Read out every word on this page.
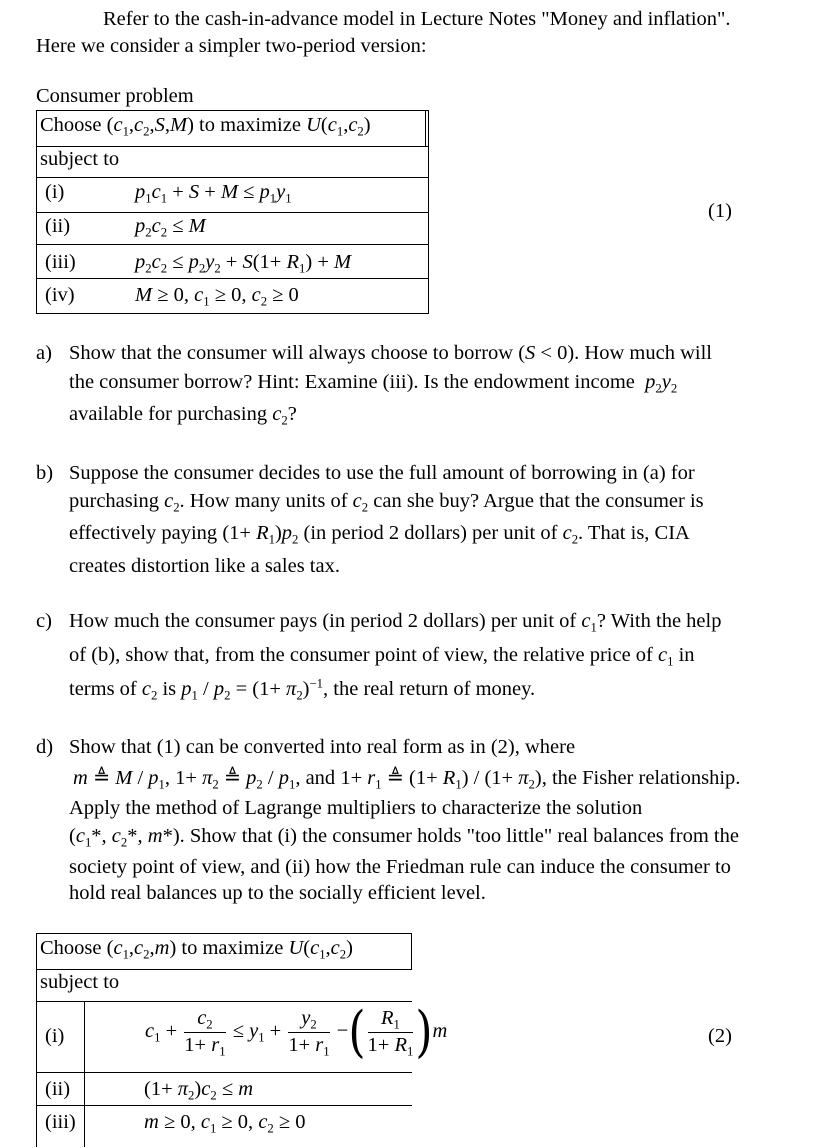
Refer to the cash-in-advance model in Lecture Notes "Money and inflation".
Here we consider a simpler two-period version:
Consumer problem
Choose $(c_1,c_2,S,M)$ to maximize $U(c_1,c_2)$
subject to
(i)
(ii)
(iii)
(iv)
$p_1c_1 + S + M \le p_1y_1$
$p_2c_2 \le M$
$p_2c_2 \le p_2y_2 + S(1+ R_1) + M$
M ≥ 0, $c_1 \ge 0$, $c_2 \ge 0$
(1)
a) Show that the consumer will always choose to borrow (S < 0). How much will
the consumer borrow? Hint: Examine (iii). Is the endowment income $p_2y_2$
available for purchasing $c_2$?
b) Suppose the consumer decides to use the full amount of borrowing in (a) for
purchasing $c_2$. How many units of $c_2$ can she buy? Argue that the consumer is
effectively paying $(1+ R_1)p_2$ (in period 2 dollars) per unit of $c_2$. That is, CIA
creates distortion like a sales tax.
c) How much the consumer pays (in period 2 dollars) per unit of $c_1$? With the help
of (b), show that, from the consumer point of view, the relative price of $c_1$ in
terms of $c_2$ is $p_1 / p_2 = (1+ \pi_2)^{-1}$, the real return of money.
d) Show that (1) can be converted into real form as in (2), where
m ≜ M / $p_1$, $1+ \pi_2$ ≜ $p_2 / p_1$, and $1+ r_1$ ≜ $(1+ R_1) / (1+ \pi_2)$, the Fisher relationship.
Apply the method of Lagrange multipliers to characterize the solution
($c_1*$, $c_2*$, m*). Show that (i) the consumer holds "too little" real balances from the
society point of view, and (ii) how the Friedman rule can induce the consumer to
hold real balances up to the socially efficient level.
Choose $(c_1,c_2,m)$ to maximize $U(c_1,c_2)$
subject to
(i)
(ii)
(iii)
$c_1 + \frac{c_2}{1+ r_1} \le y_1 + \frac{y_2}{1+ r_1}$ −( $\frac{R_1}{1+ R_1} )m$
$(1+ \pi_2)c_2 \le m$
m ≥ 0, $c_1 \ge 0$, $c_2 \ge 0$
(2)
